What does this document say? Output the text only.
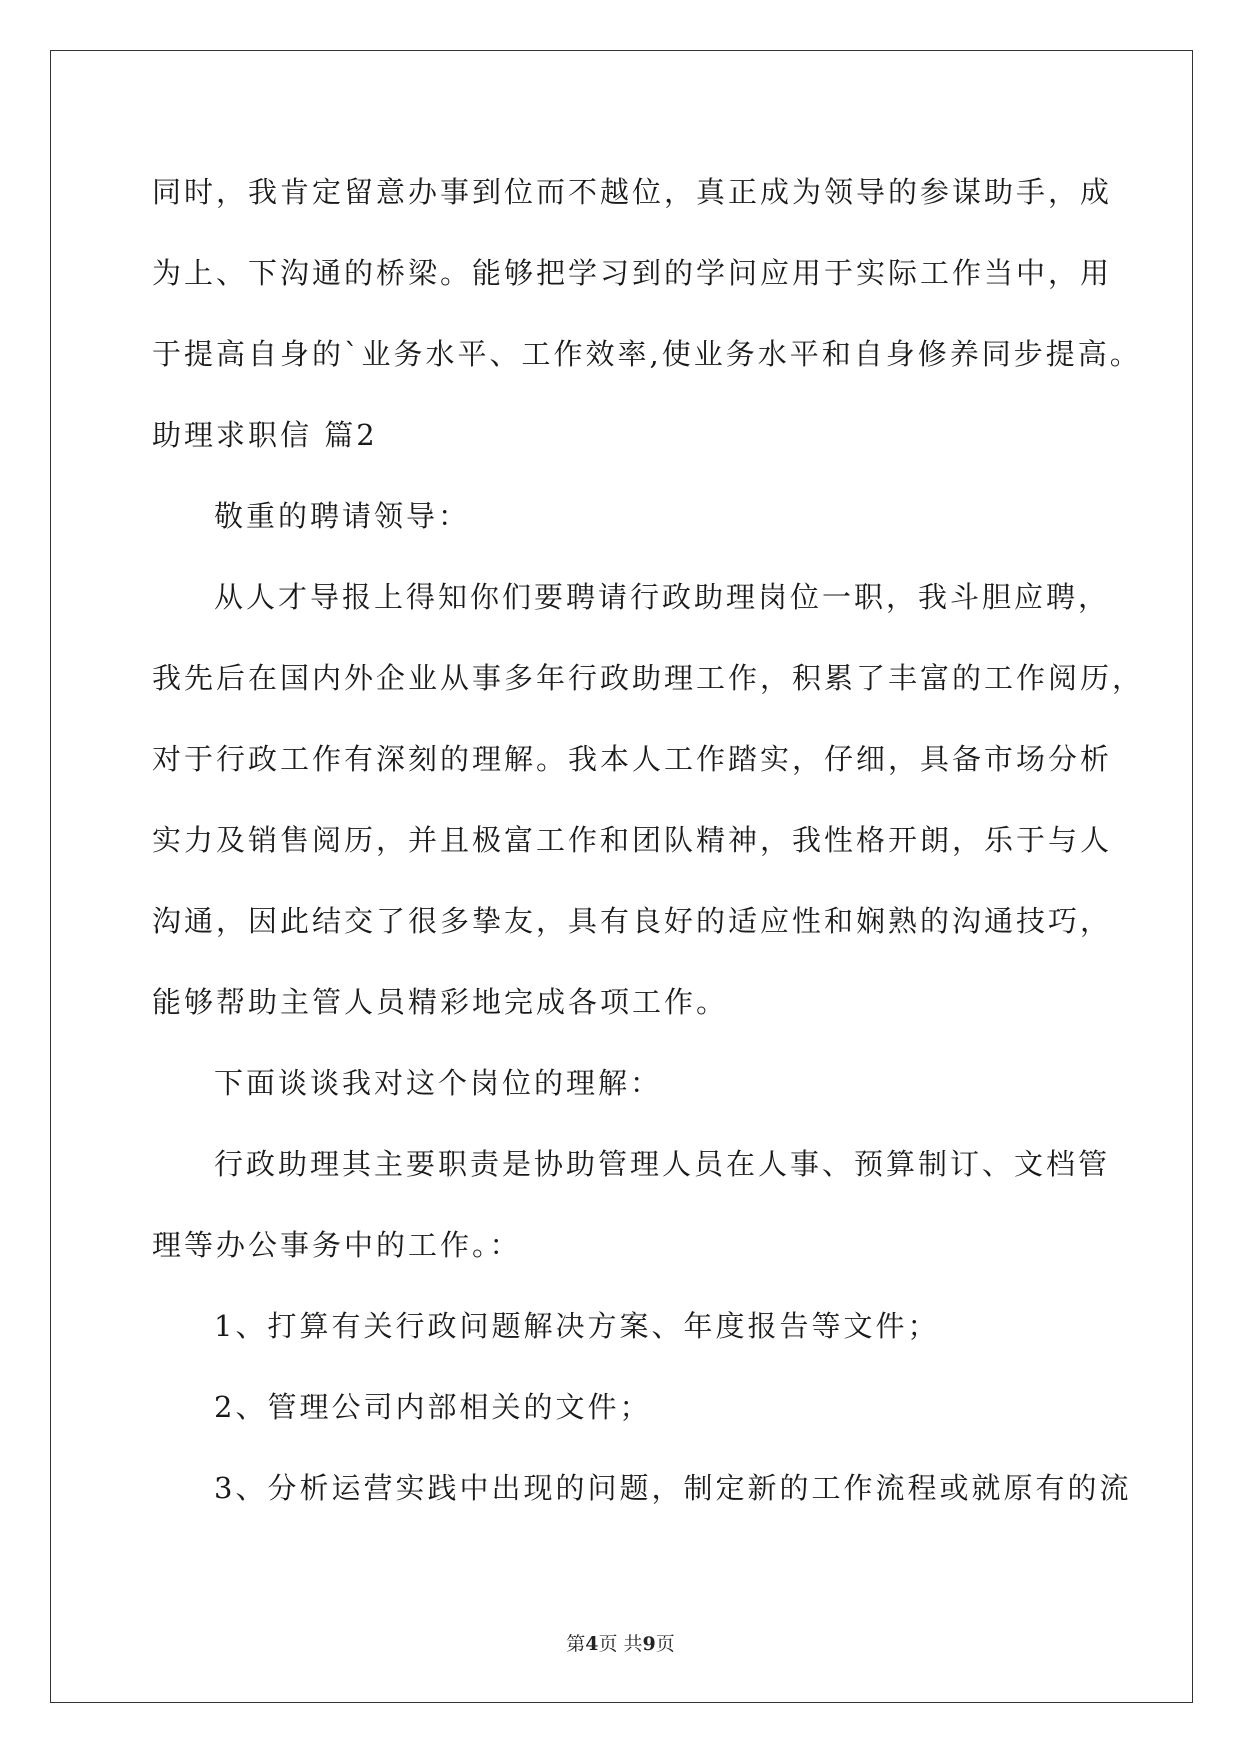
同时，我肯定留意办事到位而不越位，真正成为领导的参谋助手，成
为上、下沟通的桥梁。能够把学习到的学问应用于实际工作当中，用
于提高自身的`业务水平、工作效率,使业务水平和自身修养同步提高。
助理求职信 篇2
敬重的聘请领导：
从人才导报上得知你们要聘请行政助理岗位一职，我斗胆应聘，
我先后在国内外企业从事多年行政助理工作，积累了丰富的工作阅历，
对于行政工作有深刻的理解。我本人工作踏实，仔细，具备市场分析
实力及销售阅历，并且极富工作和团队精神，我性格开朗，乐于与人
沟通，因此结交了很多挚友，具有良好的适应性和娴熟的沟通技巧，
能够帮助主管人员精彩地完成各项工作。
下面谈谈我对这个岗位的理解：
行政助理其主要职责是协助管理人员在人事、预算制订、文档管
理等办公事务中的工作。：
1、打算有关行政问题解决方案、年度报告等文件；
2、管理公司内部相关的文件；
3、分析运营实践中出现的问题，制定新的工作流程或就原有的流
第4页 共9页
